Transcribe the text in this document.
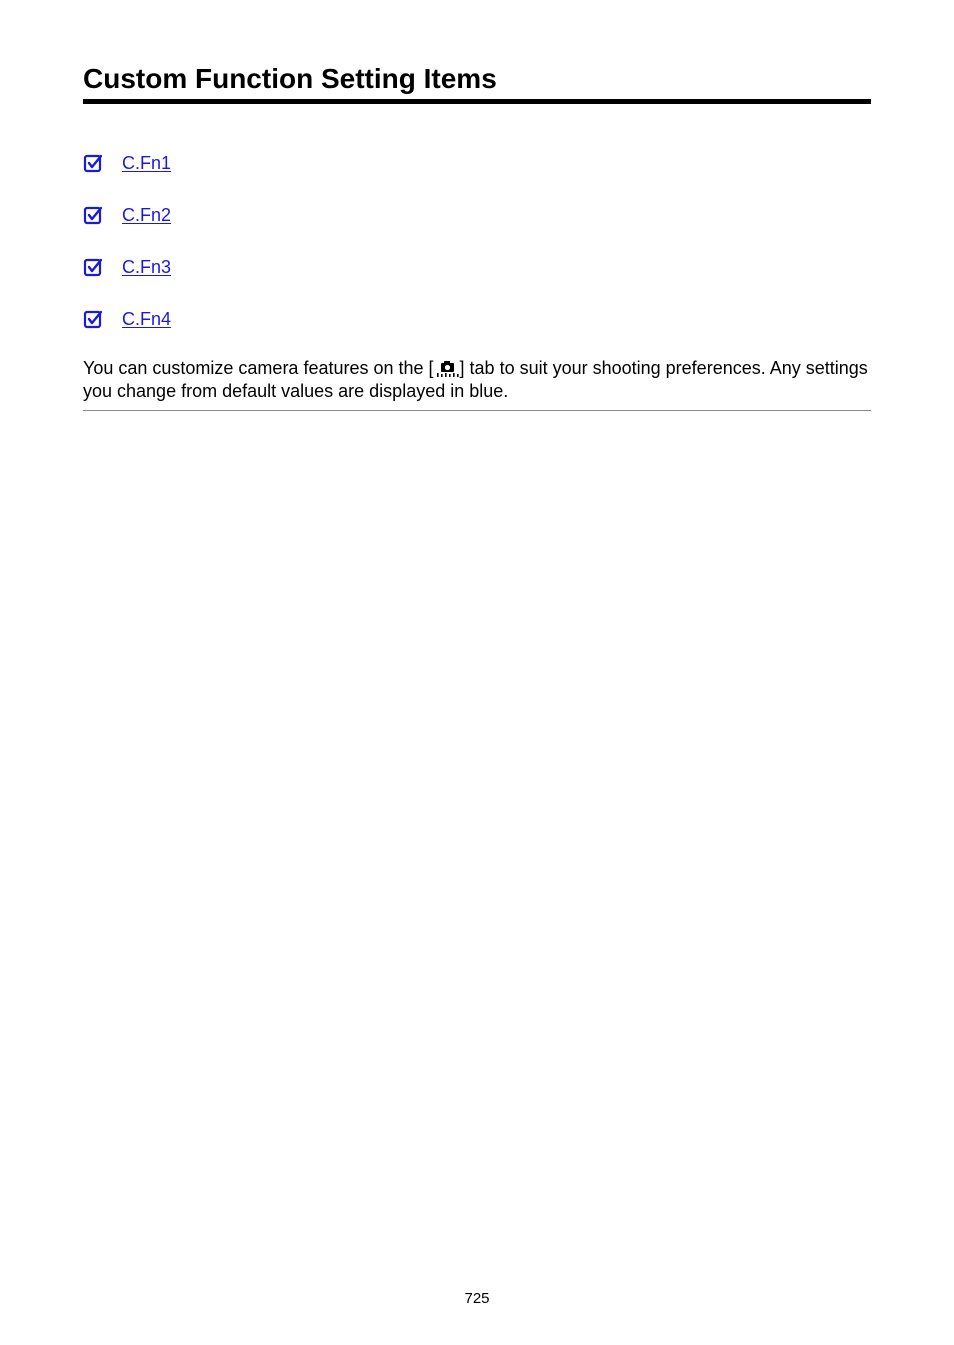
Custom Function Setting Items
C.Fn1
C.Fn2
C.Fn3
C.Fn4

You can customize camera features on the [ ] tab to suit your shooting preferences. Any settings you change from default values are displayed in blue.

725
